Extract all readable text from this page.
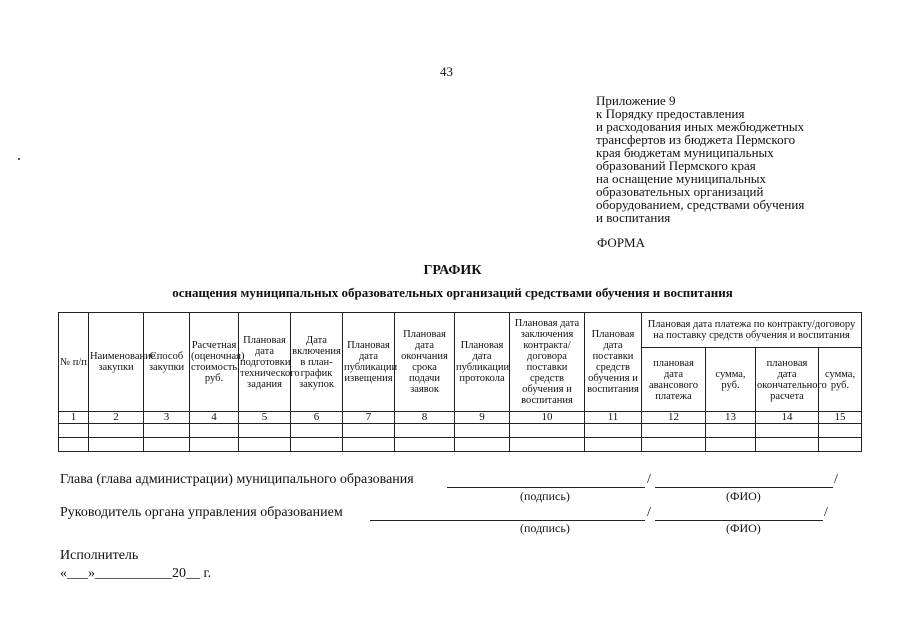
43
Приложение 9
к Порядку предоставления
и расходования иных межбюджетных
трансфертов из бюджета Пермского
края бюджетам муниципальных
образований Пермского края
на оснащение муниципальных
образовательных организаций
оборудованием, средствами обучения
и воспитания
ФОРМА
ГРАФИК
оснащения муниципальных образовательных организаций средствами обучения и воспитания
№ п/п	Наименование закупки	Способ закупки	Расчетная (оценочная) стоимость, руб.	Плановая дата подготовки технического задания	Дата включения в план-график закупок	Плановая дата публикации извещения	Плановая дата окончания срока подачи заявок	Плановая дата публикации протокола	Плановая дата заключения контракта/договора поставки средств обучения и воспитания	Плановая дата поставки средств обучения и воспитания	Плановая дата платежа по контракту/договору на поставку средств обучения и воспитания			
											плановая дата авансового платежа	сумма, руб.	плановая дата окончательного расчета	сумма, руб.
1	2	3	4	5	6	7	8	9	10	11	12	13	14	15

Глава (глава администрации) муниципального образования	/	/
(подпись)	(ФИО)
Руководитель органа управления образованием	/	/
(подпись)	(ФИО)
Исполнитель
«___»___________20__ г.
